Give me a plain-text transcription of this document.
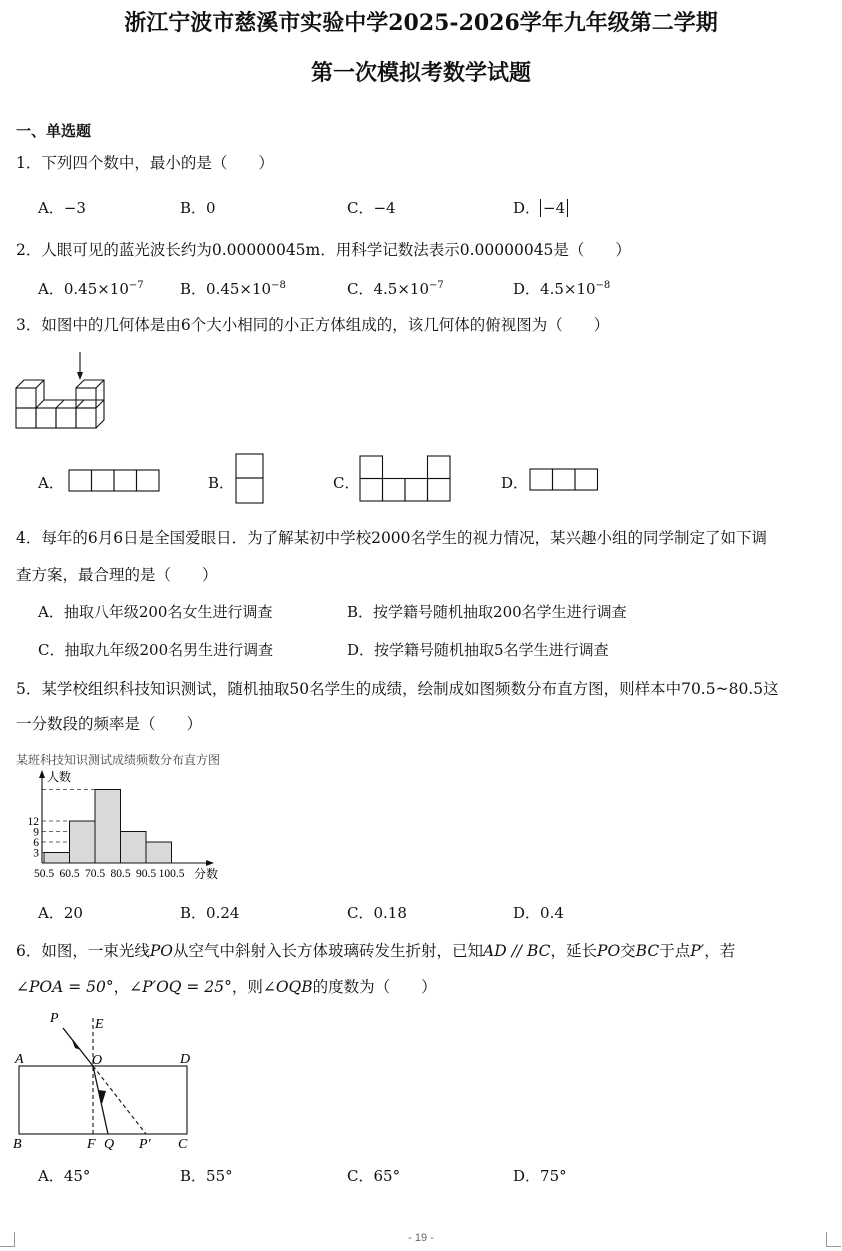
浙江宁波市慈溪市实验中学2025-2026学年九年级第二学期
第一次模拟考数学试题
一、单选题
1．下列四个数中，最小的是（　　）
A．−3	B．0	C．−4	D． −4
2．人眼可见的蓝光波长约为0.00000045m．用科学记数法表示0.00000045是（　　）
A．$0.45\times 10^{-7}$ B．$0.45\times 10^{-8}$	C．$4.5\times 10^{-7}$	D．$4.5\times 10^{-8}$
3．如图中的几何体是由6个大小相同的小正方体组成的，该几何体的俯视图为（　　）
A．	B．	C．	D．
4．每年的6月6日是全国爱眼日．为了解某初中学校2000名学生的视力情况，某兴趣小组的同学制定了如下调
查方案，最合理的是（　　）
A．抽取八年级200名女生进行调查	B．按学籍号随机抽取200名学生进行调查
C．抽取九年级200名男生进行调查	D．按学籍号随机抽取5名学生进行调查
5．某学校组织科技知识测试，随机抽取50名学生的成绩，绘制成如图频数分布直方图，则样本中70.5~80.5这
一分数段的频率是（　　）
某班科技知识测试成绩频数分布直方图
人数
分数
50.5 60.5 70.5 80.5 90.5 100.5
3
6
9
12
A．20	B．0.24	C．0.18	D．0.4
6．如图，一束光线PO从空气中斜射入长方体玻璃砖发生折射，已知AD // BC，延长PO交BC于点P′，若
∠POA = 50°，∠P′OQ = 25°，则∠OQB的度数为（　　）
P	E
A	O	D
B	F Q P′ C
A．45°	B．55°	C．65°	D．75°
- 19 -
